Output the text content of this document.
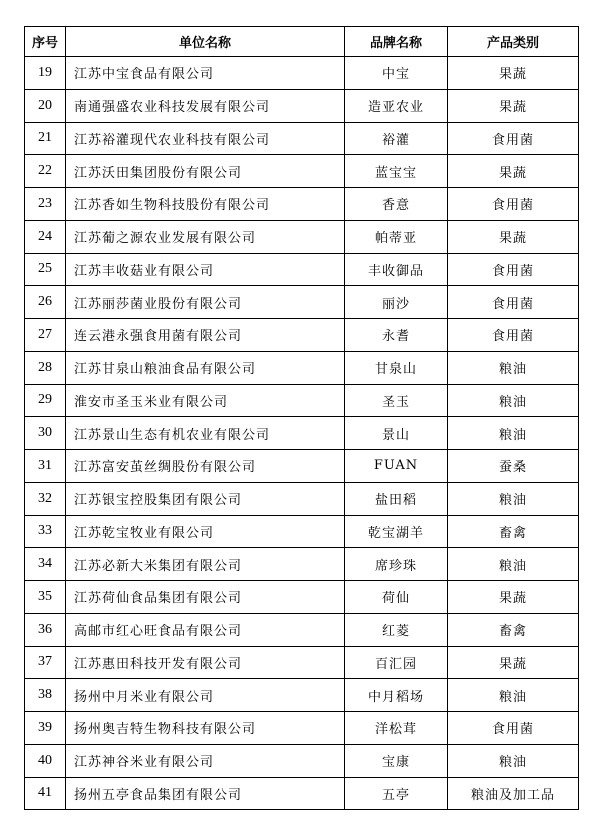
序号	单位名称	品牌名称	产品类别
19	江苏中宝食品有限公司	中宝	果蔬
20	南通强盛农业科技发展有限公司	造亚农业	果蔬
21	江苏裕灌现代农业科技有限公司	裕灌	食用菌
22	江苏沃田集团股份有限公司	蓝宝宝	果蔬
23	江苏香如生物科技股份有限公司	香意	食用菌
24	江苏葡之源农业发展有限公司	帕蒂亚	果蔬
25	江苏丰收菇业有限公司	丰收御品	食用菌
26	江苏丽莎菌业股份有限公司	丽沙	食用菌
27	连云港永强食用菌有限公司	永耆	食用菌
28	江苏甘泉山粮油食品有限公司	甘泉山	粮油
29	淮安市圣玉米业有限公司	圣玉	粮油
30	江苏景山生态有机农业有限公司	景山	粮油
31	江苏富安茧丝绸股份有限公司	FUAN	蚕桑
32	江苏银宝控股集团有限公司	盐田稻	粮油
33	江苏乾宝牧业有限公司	乾宝湖羊	畜禽
34	江苏必新大米集团有限公司	席珍珠	粮油
35	江苏荷仙食品集团有限公司	荷仙	果蔬
36	高邮市红心旺食品有限公司	红菱	畜禽
37	江苏惠田科技开发有限公司	百汇园	果蔬
38	扬州中月米业有限公司	中月稻场	粮油
39	扬州奥吉特生物科技有限公司	洋松茸	食用菌
40	江苏神谷米业有限公司	宝康	粮油
41	扬州五亭食品集团有限公司	五亭	粮油及加工品
